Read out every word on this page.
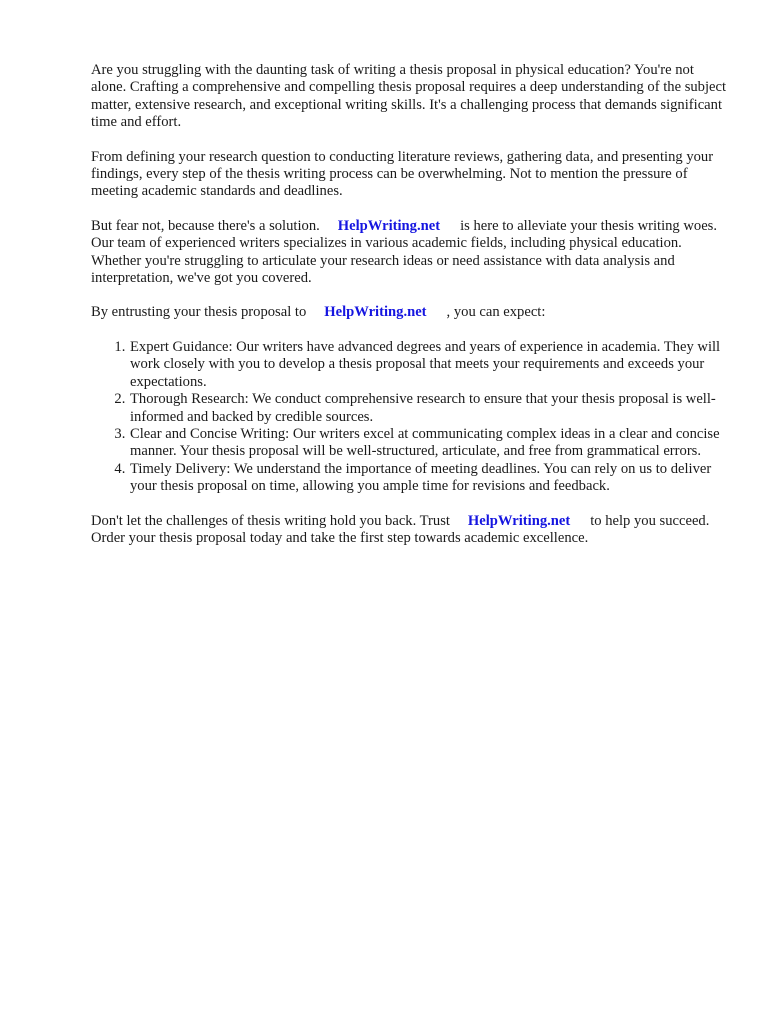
Are you struggling with the daunting task of writing a thesis proposal in physical education? You're not alone. Crafting a comprehensive and compelling thesis proposal requires a deep understanding of the subject matter, extensive research, and exceptional writing skills. It's a challenging process that demands significant time and effort.

From defining your research question to conducting literature reviews, gathering data, and presenting your findings, every step of the thesis writing process can be overwhelming. Not to mention the pressure of meeting academic standards and deadlines.

But fear not, because there's a solution. HelpWriting.net is here to alleviate your thesis writing woes. Our team of experienced writers specializes in various academic fields, including physical education. Whether you're struggling to articulate your research ideas or need assistance with data analysis and interpretation, we've got you covered.

By entrusting your thesis proposal to HelpWriting.net , you can expect:

1. Expert Guidance: Our writers have advanced degrees and years of experience in academia. They will work closely with you to develop a thesis proposal that meets your requirements and exceeds your expectations.
2. Thorough Research: We conduct comprehensive research to ensure that your thesis proposal is well-informed and backed by credible sources.
3. Clear and Concise Writing: Our writers excel at communicating complex ideas in a clear and concise manner. Your thesis proposal will be well-structured, articulate, and free from grammatical errors.
4. Timely Delivery: We understand the importance of meeting deadlines. You can rely on us to deliver your thesis proposal on time, allowing you ample time for revisions and feedback.

Don't let the challenges of thesis writing hold you back. Trust HelpWriting.net to help you succeed. Order your thesis proposal today and take the first step towards academic excellence.
